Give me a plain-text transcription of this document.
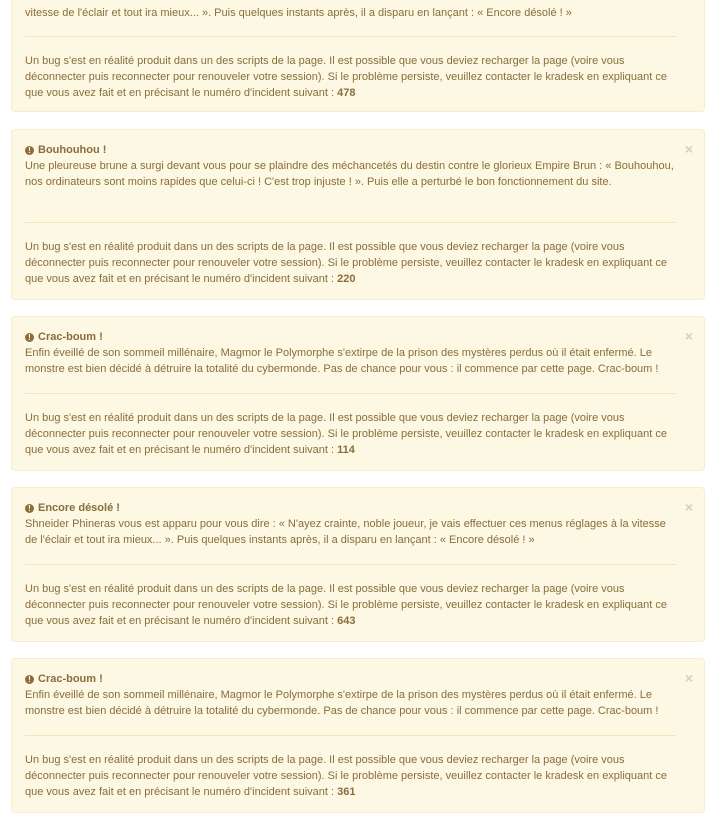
vitesse de l'éclair et tout ira mieux... ». Puis quelques instants après, il a disparu en lançant : « Encore désolé ! »
Un bug s'est en réalité produit dans un des scripts de la page. Il est possible que vous deviez recharger la page (voire vous déconnecter puis reconnecter pour renouveler votre session). Si le problème persiste, veuillez contacter le kradesk en expliquant ce que vous avez fait et en précisant le numéro d'incident suivant : 478
×
! Bouhouhou !
Une pleureuse brune a surgi devant vous pour se plaindre des méchancetés du destin contre le glorieux Empire Brun : « Bouhouhou, nos ordinateurs sont moins rapides que celui-ci ! C'est trop injuste ! ». Puis elle a perturbé le bon fonctionnement du site.
Un bug s'est en réalité produit dans un des scripts de la page. Il est possible que vous deviez recharger la page (voire vous déconnecter puis reconnecter pour renouveler votre session). Si le problème persiste, veuillez contacter le kradesk en expliquant ce que vous avez fait et en précisant le numéro d'incident suivant : 220
×
! Crac-boum !
Enfin éveillé de son sommeil millénaire, Magmor le Polymorphe s'extirpe de la prison des mystères perdus où il était enfermé. Le monstre est bien décidé à détruire la totalité du cybermonde. Pas de chance pour vous : il commence par cette page. Crac-boum !
Un bug s'est en réalité produit dans un des scripts de la page. Il est possible que vous deviez recharger la page (voire vous déconnecter puis reconnecter pour renouveler votre session). Si le problème persiste, veuillez contacter le kradesk en expliquant ce que vous avez fait et en précisant le numéro d'incident suivant : 114
×
! Encore désolé !
Shneider Phineras vous est apparu pour vous dire : « N'ayez crainte, noble joueur, je vais effectuer ces menus réglages à la vitesse de l'éclair et tout ira mieux... ». Puis quelques instants après, il a disparu en lançant : « Encore désolé ! »
Un bug s'est en réalité produit dans un des scripts de la page. Il est possible que vous deviez recharger la page (voire vous déconnecter puis reconnecter pour renouveler votre session). Si le problème persiste, veuillez contacter le kradesk en expliquant ce que vous avez fait et en précisant le numéro d'incident suivant : 643
×
! Crac-boum !
Enfin éveillé de son sommeil millénaire, Magmor le Polymorphe s'extirpe de la prison des mystères perdus où il était enfermé. Le monstre est bien décidé à détruire la totalité du cybermonde. Pas de chance pour vous : il commence par cette page. Crac-boum !
Un bug s'est en réalité produit dans un des scripts de la page. Il est possible que vous deviez recharger la page (voire vous déconnecter puis reconnecter pour renouveler votre session). Si le problème persiste, veuillez contacter le kradesk en expliquant ce que vous avez fait et en précisant le numéro d'incident suivant : 361
